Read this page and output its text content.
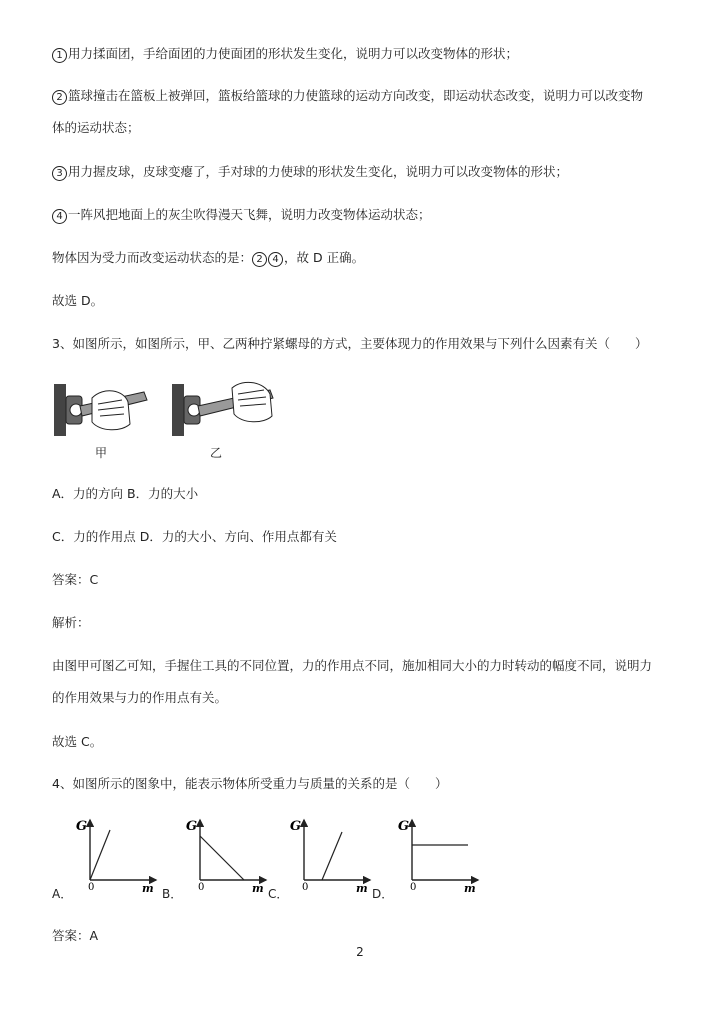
1 用力揉面团，手给面团的力使面团的形状发生变化，说明力可以改变物体的形状；
2 篮球撞击在篮板上被弹回，篮板给篮球的力使篮球的运动方向改变，即运动状态改变，说明力可以改变物
体的运动状态；
3 用力握皮球，皮球变瘪了，手对球的力使球的形状发生变化，说明力可以改变物体的形状；
4 一阵风把地面上的灰尘吹得漫天飞舞，说明力改变物体运动状态；
物体因为受力而改变运动状态的是： 2 4 ，故 D 正确。
故选 D。
3、如图所示，如图所示，甲、乙两种拧紧螺母的方式，主要体现力的作用效果与下列什么因素有关（　　）
甲	乙
A．力的方向 B．力的大小
C．力的作用点 D．力的大小、方向、作用点都有关
答案：C
解析：
由图甲可图乙可知，手握住工具的不同位置，力的作用点不同，施加相同大小的力时转动的幅度不同，说明力
的作用效果与力的作用点有关。
故选 C。
4、如图所示的图象中，能表示物体所受重力与质量的关系的是（　　）
G
m
0
A．
G
m
0
B．
G
m
0
C．
G
m
0
D．
答案：A
2
